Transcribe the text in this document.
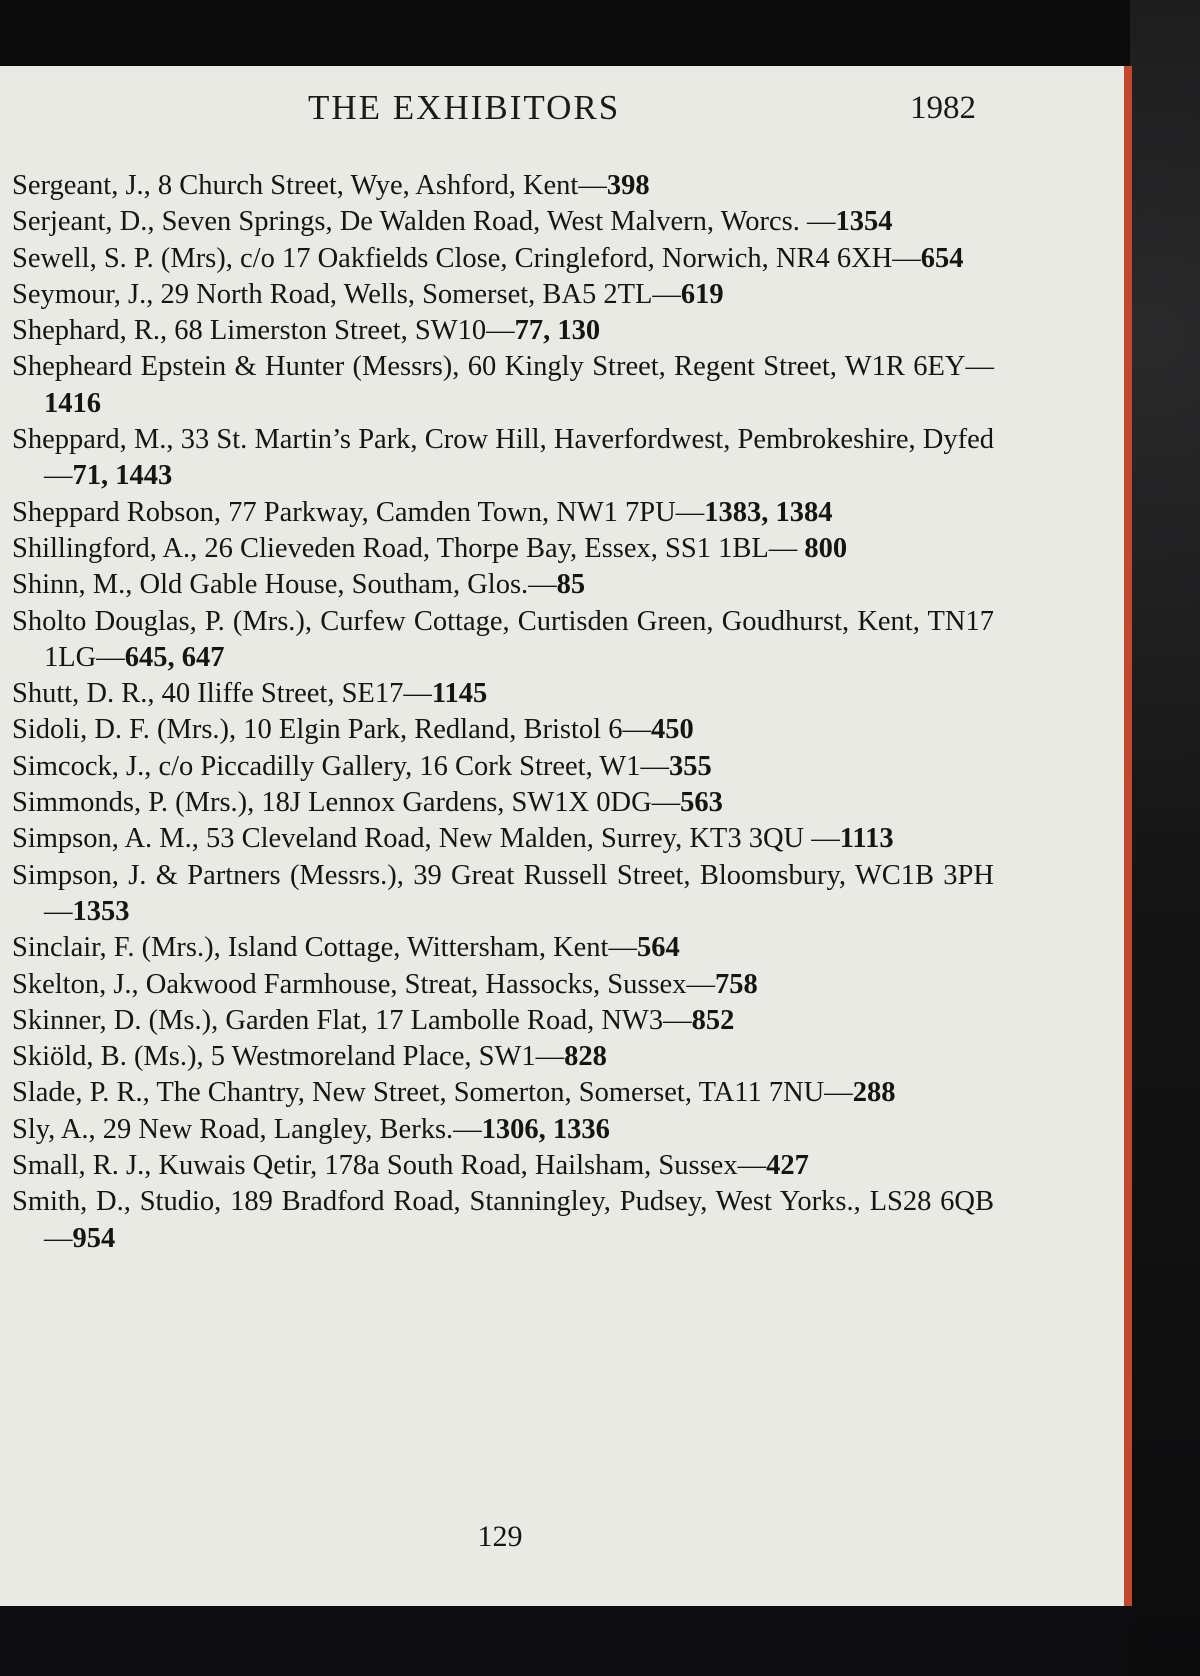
THE EXHIBITORS	1982
Sergeant, J., 8 Church Street, Wye, Ashford, Kent—398
Serjeant, D., Seven Springs, De Walden Road, West Malvern, Worcs. —1354
Sewell, S. P. (Mrs), c/o 17 Oakfields Close, Cringleford, Norwich, NR4 6XH—654
Seymour, J., 29 North Road, Wells, Somerset, BA5 2TL—619
Shephard, R., 68 Limerston Street, SW10—77, 130
Shepheard Epstein & Hunter (Messrs), 60 Kingly Street, Regent Street, W1R 6EY—1416
Sheppard, M., 33 St. Martin’s Park, Crow Hill, Haverfordwest, Pembrokeshire, Dyfed—71, 1443
Sheppard Robson, 77 Parkway, Camden Town, NW1 7PU—1383, 1384
Shillingford, A., 26 Clieveden Road, Thorpe Bay, Essex, SS1 1BL— 800
Shinn, M., Old Gable House, Southam, Glos.—85
Sholto Douglas, P. (Mrs.), Curfew Cottage, Curtisden Green, Goudhurst, Kent, TN17 1LG—645, 647
Shutt, D. R., 40 Iliffe Street, SE17—1145
Sidoli, D. F. (Mrs.), 10 Elgin Park, Redland, Bristol 6—450
Simcock, J., c/o Piccadilly Gallery, 16 Cork Street, W1—355
Simmonds, P. (Mrs.), 18J Lennox Gardens, SW1X 0DG—563
Simpson, A. M., 53 Cleveland Road, New Malden, Surrey, KT3 3QU —1113
Simpson, J. & Partners (Messrs.), 39 Great Russell Street, Bloomsbury, WC1B 3PH—1353
Sinclair, F. (Mrs.), Island Cottage, Wittersham, Kent—564
Skelton, J., Oakwood Farmhouse, Streat, Hassocks, Sussex—758
Skinner, D. (Ms.), Garden Flat, 17 Lambolle Road, NW3—852
Skiöld, B. (Ms.), 5 Westmoreland Place, SW1—828
Slade, P. R., The Chantry, New Street, Somerton, Somerset, TA11 7NU—288
Sly, A., 29 New Road, Langley, Berks.—1306, 1336
Small, R. J., Kuwais Qetir, 178a South Road, Hailsham, Sussex—427
Smith, D., Studio, 189 Bradford Road, Stanningley, Pudsey, West Yorks., LS28 6QB—954
129
